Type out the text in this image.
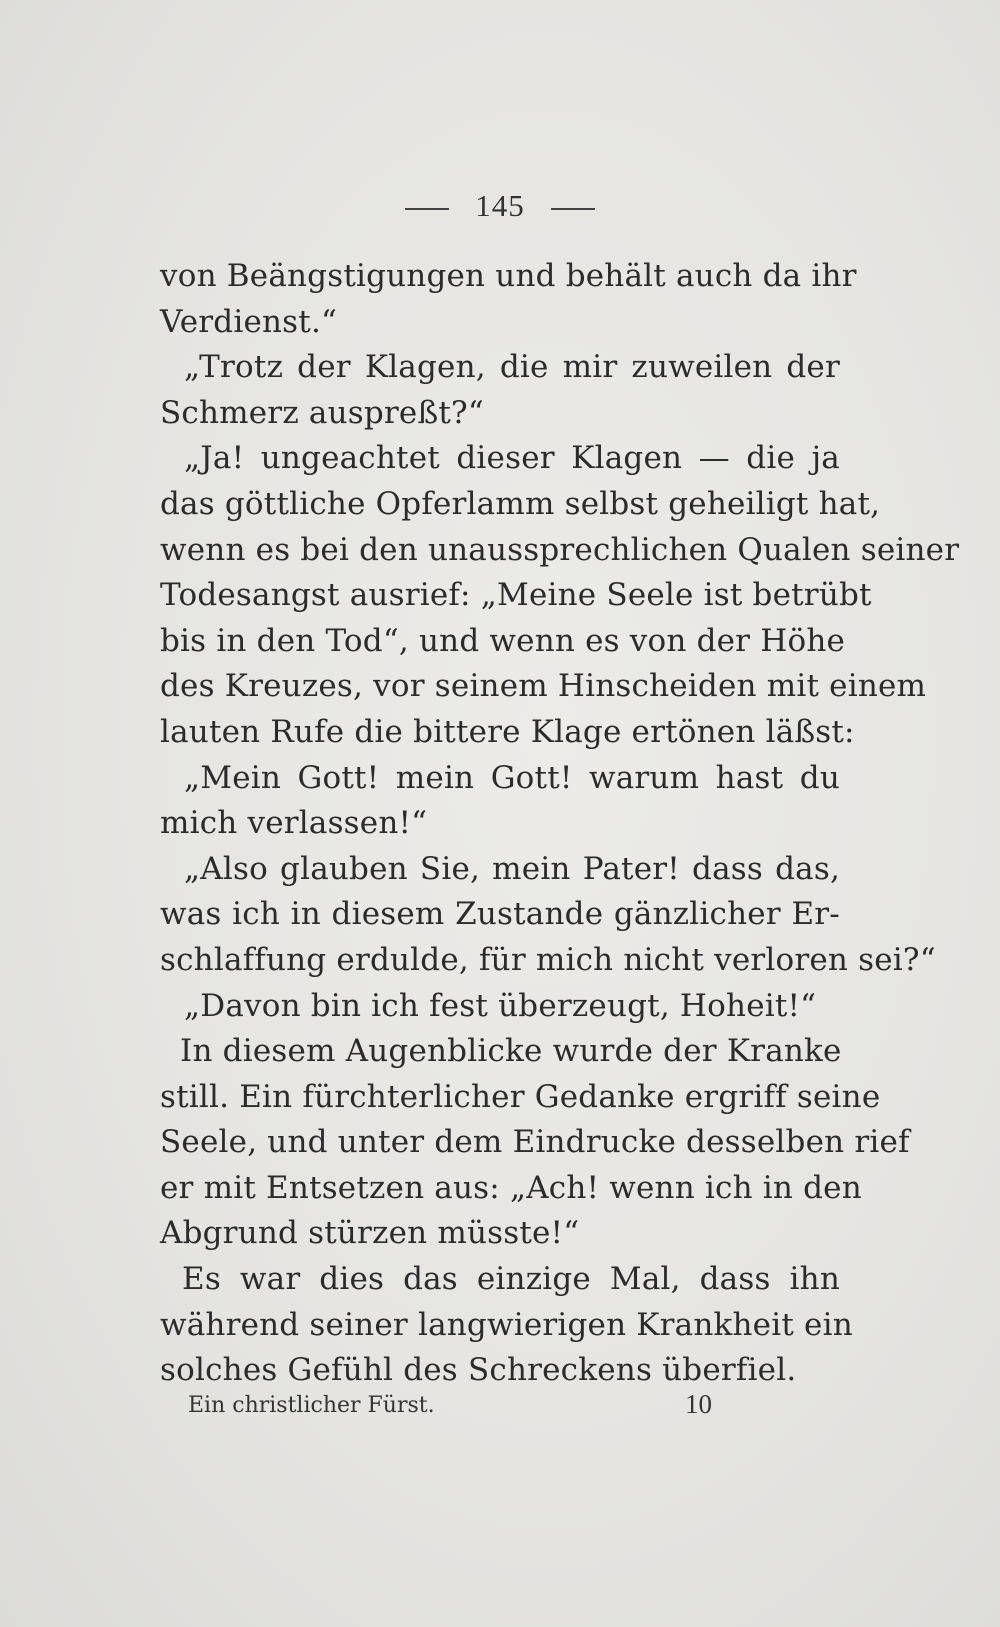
145
von Beängstigungen und behält auch da ihr
Verdienst.“
„Trotz der Klagen, die mir zuweilen der
Schmerz auspreßt?“
„Ja! ungeachtet dieser Klagen — die ja
das göttliche Opferlamm selbst geheiligt hat,
wenn es bei den unaussprechlichen Qualen seiner
Todesangst ausrief: „Meine Seele ist betrübt
bis in den Tod“, und wenn es von der Höhe
des Kreuzes, vor seinem Hinscheiden mit einem
lauten Rufe die bittere Klage ertönen läßst:
„Mein Gott! mein Gott! warum hast du
mich verlassen!“
„Also glauben Sie, mein Pater! dass das,
was ich in diesem Zustande gänzlicher Er-
schlaffung erdulde, für mich nicht verloren sei?“
„Davon bin ich fest überzeugt, Hoheit!“
In diesem Augenblicke wurde der Kranke
still. Ein fürchterlicher Gedanke ergriff seine
Seele, und unter dem Eindrucke desselben rief
er mit Entsetzen aus: „Ach! wenn ich in den
Abgrund stürzen müsste!“
Es war dies das einzige Mal, dass ihn
während seiner langwierigen Krankheit ein
solches Gefühl des Schreckens überfiel.
Ein christlicher Fürst.	10
